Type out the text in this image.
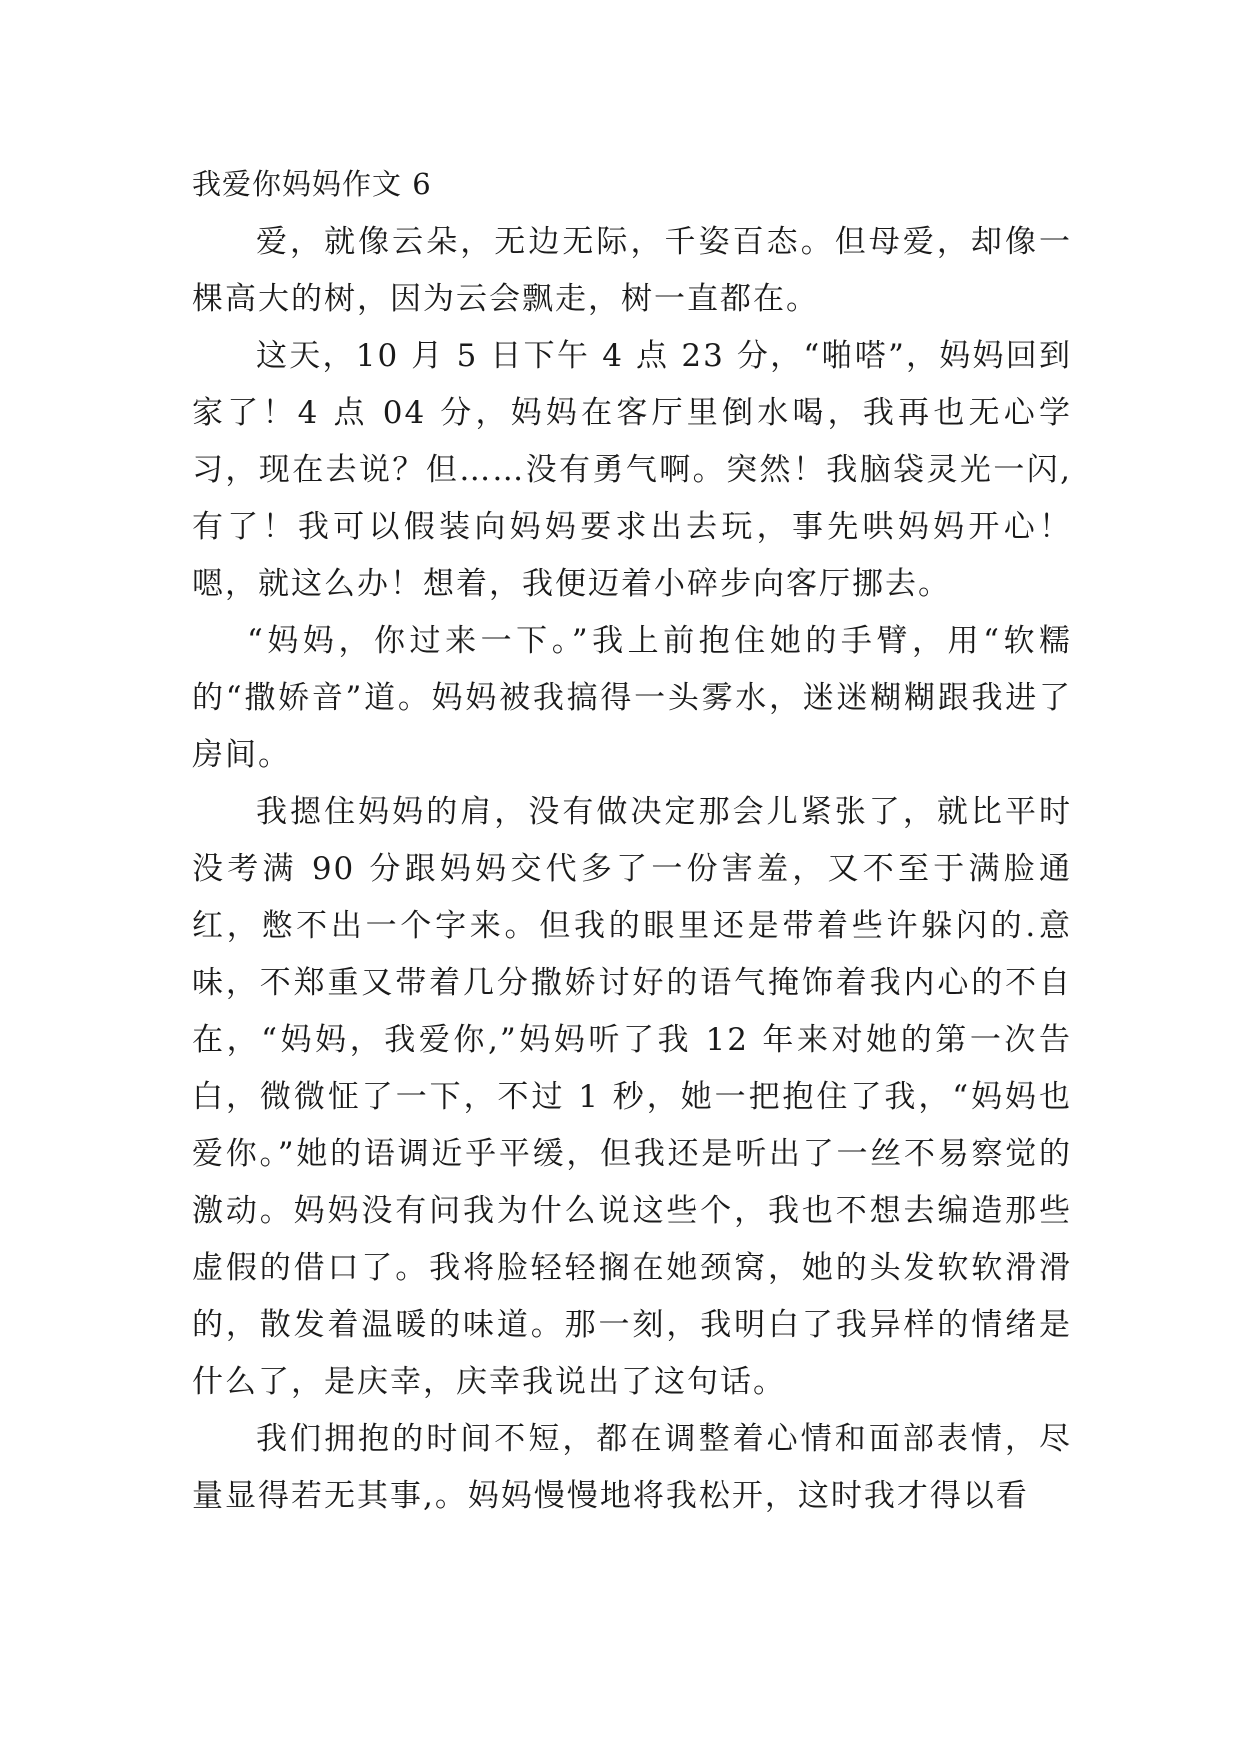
我爱你妈妈作文 6

爱，就像云朵，无边无际，千姿百态。但母爱，却像一棵高大的树，因为云会飘走，树一直都在。

这天，10 月 5 日下午 4 点 23 分，“啪嗒”，妈妈回到家了！4 点 04 分，妈妈在客厅里倒水喝，我再也无心学习，现在去说？但……没有勇气啊。突然！我脑袋灵光一闪,有了！我可以假装向妈妈要求出去玩，事先哄妈妈开心！嗯，就这么办！想着，我便迈着小碎步向客厅挪去。

“妈妈，你过来一下。”我上前抱住她的手臂，用“软糯的“撒娇音”道。妈妈被我搞得一头雾水，迷迷糊糊跟我进了房间。

我摁住妈妈的肩，没有做决定那会儿紧张了，就比平时没考满 90 分跟妈妈交代多了一份害羞，又不至于满脸通红，憋不出一个字来。但我的眼里还是带着些许躲闪的.意味，不郑重又带着几分撒娇讨好的语气掩饰着我内心的不自在，“妈妈，我爱你,”妈妈听了我 12 年来对她的第一次告白，微微怔了一下，不过 1 秒，她一把抱住了我，“妈妈也爱你。”她的语调近乎平缓，但我还是听出了一丝不易察觉的激动。妈妈没有问我为什么说这些个，我也不想去编造那些虚假的借口了。我将脸轻轻搁在她颈窝，她的头发软软滑滑的，散发着温暖的味道。那一刻，我明白了我异样的情绪是什么了，是庆幸，庆幸我说出了这句话。

我们拥抱的时间不短，都在调整着心情和面部表情，尽量显得若无其事,。妈妈慢慢地将我松开，这时我才得以看
